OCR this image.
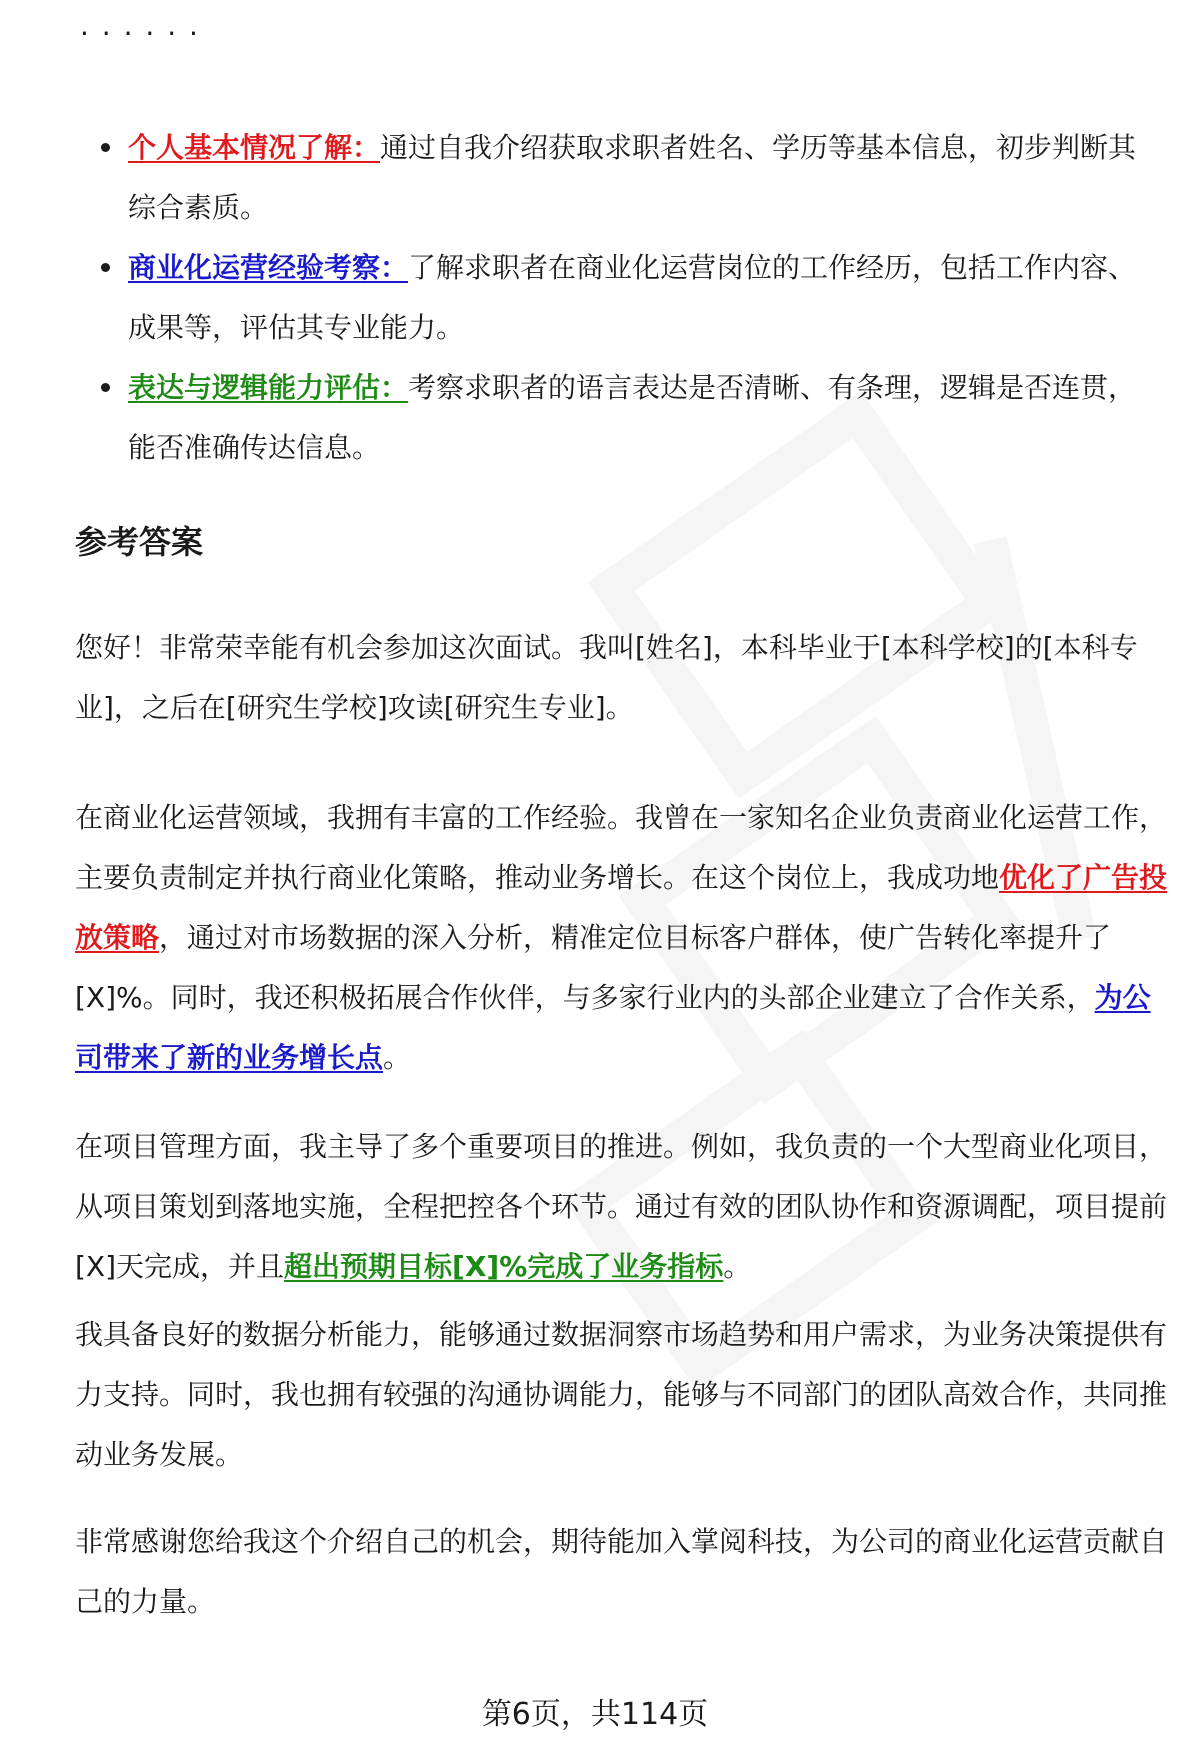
· · · · · ·
个人基本情况了解：通过自我介绍获取求职者姓名、学历等基本信息，初步判断其综合素质。
商业化运营经验考察：了解求职者在商业化运营岗位的工作经历，包括工作内容、成果等，评估其专业能力。
表达与逻辑能力评估：考察求职者的语言表达是否清晰、有条理，逻辑是否连贯，能否准确传达信息。
参考答案

您好！非常荣幸能有机会参加这次面试。我叫[姓名]，本科毕业于[本科学校]的[本科专业]，之后在[研究生学校]攻读[研究生专业]。

在商业化运营领域，我拥有丰富的工作经验。我曾在一家知名企业负责商业化运营工作，主要负责制定并执行商业化策略，推动业务增长。在这个岗位上，我成功地优化了广告投放策略，通过对市场数据的深入分析，精准定位目标客户群体，使广告转化率提升了[X]%。同时，我还积极拓展合作伙伴，与多家行业内的头部企业建立了合作关系，为公司带来了新的业务增长点。

在项目管理方面，我主导了多个重要项目的推进。例如，我负责的一个大型商业化项目，从项目策划到落地实施，全程把控各个环节。通过有效的团队协作和资源调配，项目提前[X]天完成，并且超出预期目标[X]%完成了业务指标。

我具备良好的数据分析能力，能够通过数据洞察市场趋势和用户需求，为业务决策提供有力支持。同时，我也拥有较强的沟通协调能力，能够与不同部门的团队高效合作，共同推动业务发展。

非常感谢您给我这个介绍自己的机会，期待能加入掌阅科技，为公司的商业化运营贡献自己的力量。

第6页，共114页
